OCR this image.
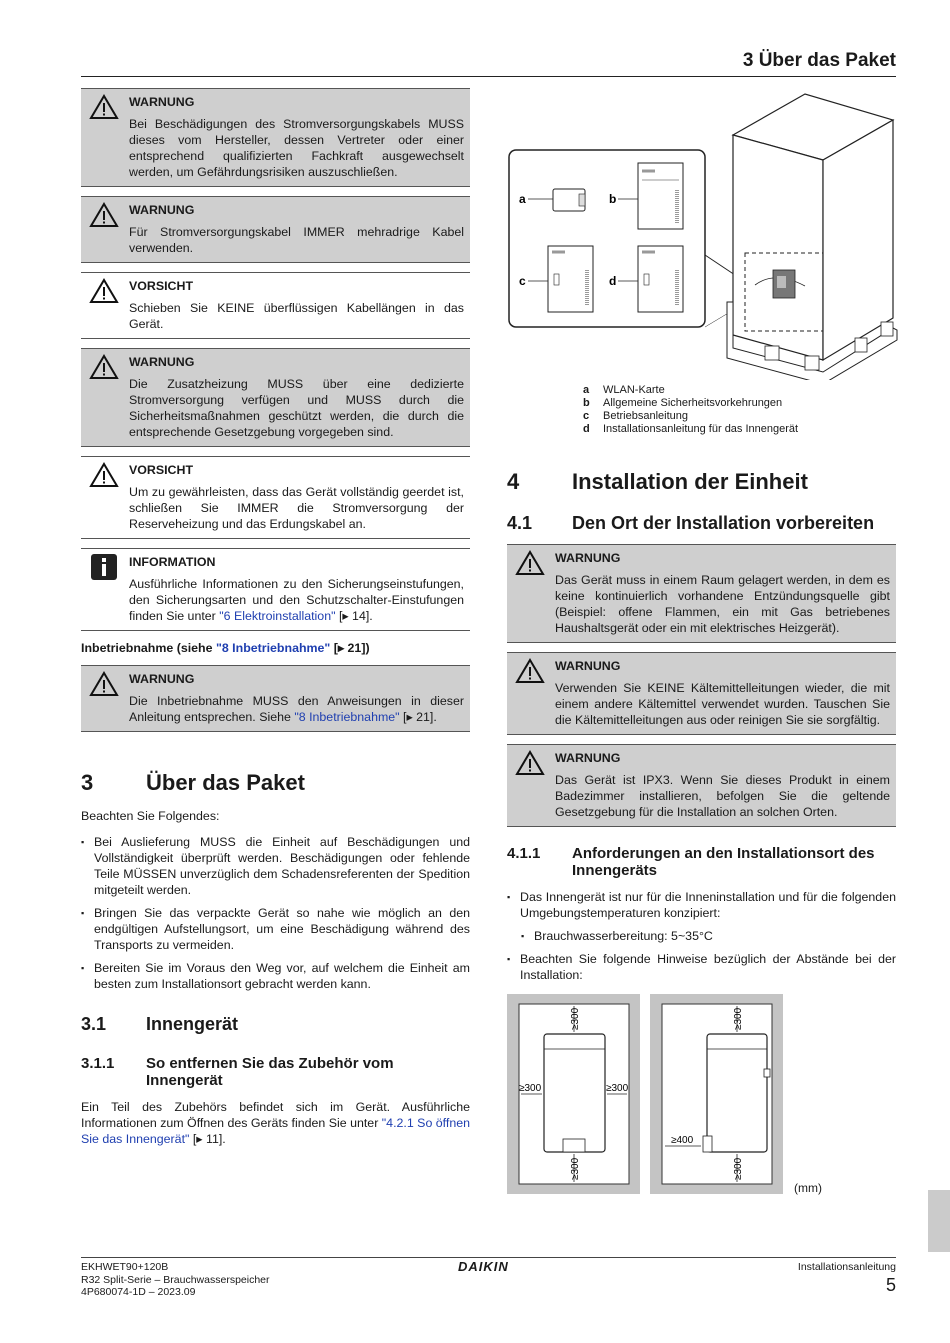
3 Über das Paket
WARNUNG
Bei Beschädigungen des Stromversorgungskabels MUSS dieses vom Hersteller, dessen Vertreter oder einer entsprechend qualifizierten Fachkraft ausgewechselt werden, um Gefährdungsrisiken auszuschließen.
WARNUNG
Für Stromversorgungskabel IMMER mehradrige Kabel verwenden.
VORSICHT
Schieben Sie KEINE überflüssigen Kabellängen in das Gerät.
WARNUNG
Die Zusatzheizung MUSS über eine dedizierte Stromversorgung verfügen und MUSS durch die Sicherheitsmaßnahmen geschützt werden, die durch die entsprechende Gesetzgebung vorgegeben sind.
VORSICHT
Um zu gewährleisten, dass das Gerät vollständig geerdet ist, schließen Sie IMMER die Stromversorgung der Reserveheizung und das Erdungskabel an.
INFORMATION
Ausführliche Informationen zu den Sicherungseinstufungen, den Sicherungsarten und den Schutzschalter-Einstufungen finden Sie unter "6 Elektroinstallation" [▸ 14].
Inbetriebnahme (siehe "8 Inbetriebnahme" [▸ 21])
WARNUNG
Die Inbetriebnahme MUSS den Anweisungen in dieser Anleitung entsprechen. Siehe "8 Inbetriebnahme" [▸ 21].
3	Über das Paket

Beachten Sie Folgendes:

▪ Bei Auslieferung MUSS die Einheit auf Beschädigungen und Vollständigkeit überprüft werden. Beschädigungen oder fehlende Teile MÜSSEN unverzüglich dem Schadensreferenten der Spedition mitgeteilt werden.
▪ Bringen Sie das verpackte Gerät so nahe wie möglich an den endgültigen Aufstellungsort, um eine Beschädigung während des Transports zu vermeiden.
▪ Bereiten Sie im Voraus den Weg vor, auf welchem die Einheit am besten zum Installationsort gebracht werden kann.
3.1	Innengerät
3.1.1	So entfernen Sie das Zubehör vom Innengerät

Ein Teil des Zubehörs befindet sich im Gerät. Ausführliche Informationen zum Öffnen des Geräts finden Sie unter "4.2.1 So öffnen Sie das Innengerät" [▸ 11].

a	b
c	d
a	WLAN-Karte
b	Allgemeine Sicherheitsvorkehrungen
c	Betriebsanleitung
d	Installationsanleitung für das Innengerät
4	Installation der Einheit
4.1	Den Ort der Installation vorbereiten
WARNUNG
Das Gerät muss in einem Raum gelagert werden, in dem es keine kontinuierlich vorhandene Entzündungsquelle gibt (Beispiel: offene Flammen, ein mit Gas betriebenes Haushaltsgerät oder ein mit elektrisches Heizgerät).
WARNUNG
Verwenden Sie KEINE Kältemittelleitungen wieder, die mit einem andere Kältemittel verwendet wurden. Tauschen Sie die Kältemittelleitungen aus oder reinigen Sie sie sorgfältig.
WARNUNG
Das Gerät ist IPX3. Wenn Sie dieses Produkt in einem Badezimmer installieren, befolgen Sie die geltende Gesetzgebung für die Installation an solchen Orten.
4.1.1	Anforderungen an den Installationsort des Innengeräts
▪ Das Innengerät ist nur für die Inneninstallation und für die folgenden Umgebungstemperaturen konzipiert:
▪ Brauchwasserbereitung: 5~35°C
▪ Beachten Sie folgende Hinweise bezüglich der Abstände bei der Installation:
≥300
≥300	≥300
≥300
≥300
≥400
≥300
(mm)
EKHWET90+120B
R32 Split-Serie – Brauchwasserspeicher
4P680074-1D – 2023.09
DAIKIN	Installationsanleitung
5
